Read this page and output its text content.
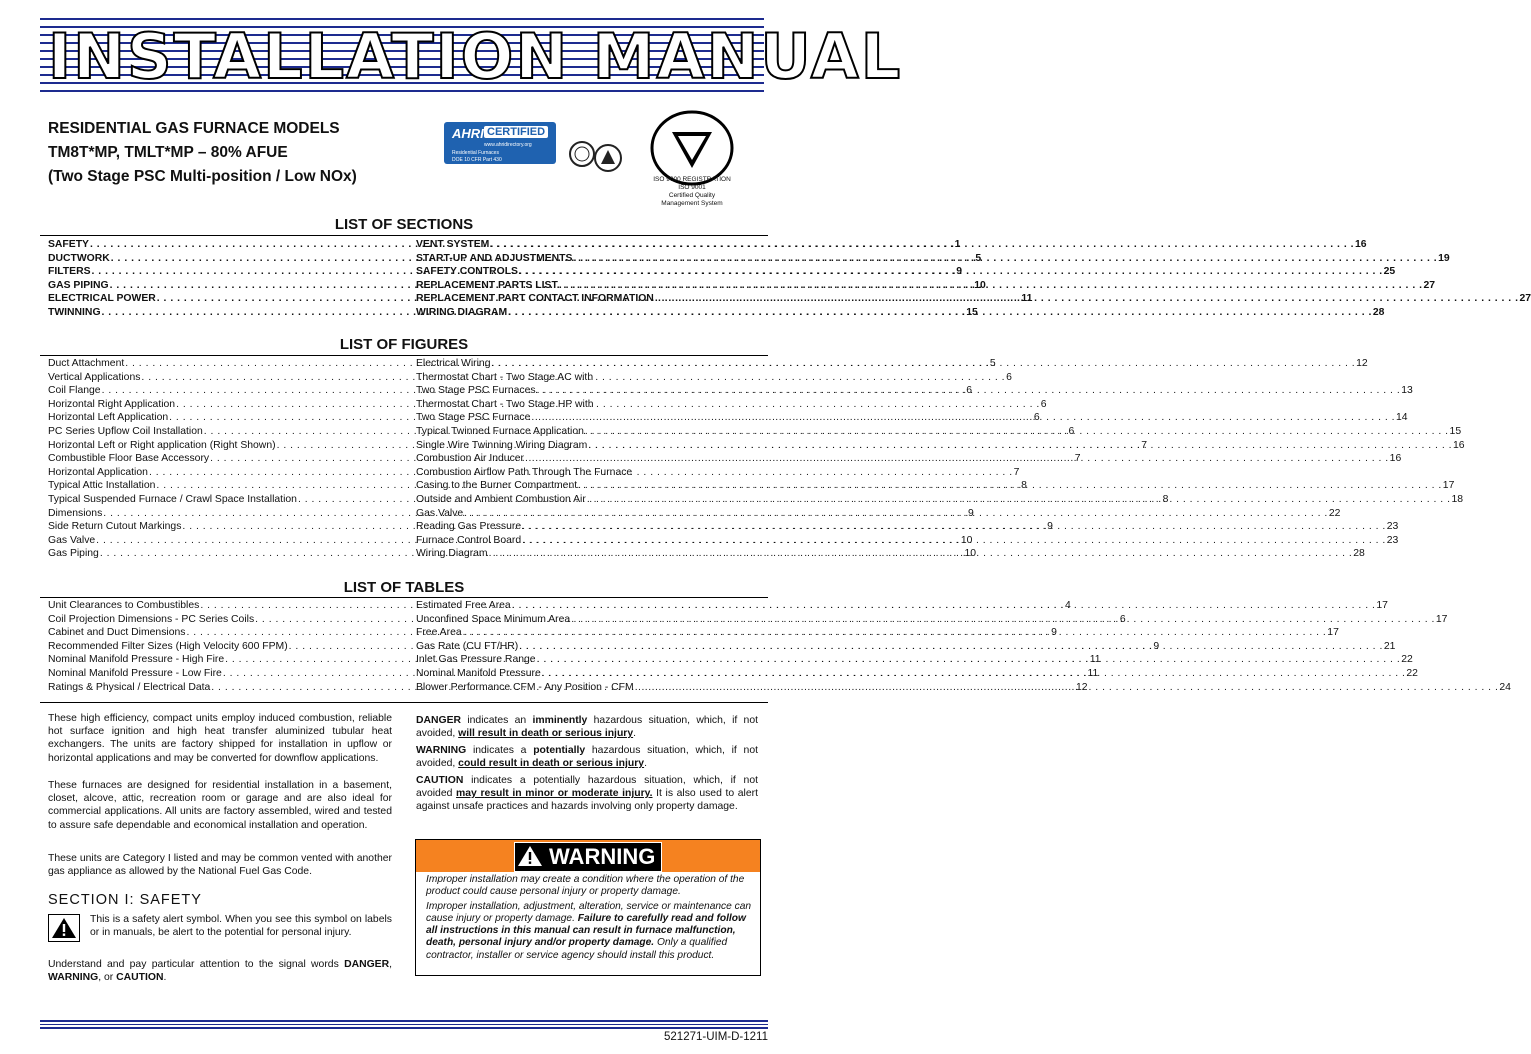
INSTALLATION MANUAL
RESIDENTIAL GAS FURNACE MODELS
TM8T*MP, TMLT*MP – 80% AFUE
(Two Stage PSC Multi-position / Low NOx)
AHRI CERTIFIED
www.ahridirectory.org
Residential Furnaces
DOE 10 CFR Part 430
ISO 9000 REGISTRATION
ISO 9001
Certified Quality
Management System
LIST OF SECTIONS
SAFETY . . .	1
DUCTWORK . . .	5
FILTERS . . .	9
GAS PIPING . . .	10
ELECTRICAL POWER . . .	11
TWINNING . . .	15
VENT SYSTEM . . .	16
START-UP AND ADJUSTMENTS . . .	19
SAFETY CONTROLS . . .	25
REPLACEMENT PARTS LIST . . .	27
REPLACEMENT PART CONTACT INFORMATION . . .	27
WIRING DIAGRAM . . .	28
LIST OF FIGURES
Duct Attachment . . .	5
Vertical Applications . . .	6
Coil Flange . . .	6
Horizontal Right Application . . .	6
Horizontal Left Application . . .	6
PC Series Upflow Coil Installation . . .	6
Horizontal Left or Right application (Right Shown) . . .	7
Combustible Floor Base Accessory . . .	7
Horizontal Application . . .	7
Typical Attic Installation . . .	8
Typical Suspended Furnace / Crawl Space Installation . . .	8
Dimensions . . .	9
Side Return Cutout Markings . . .	9
Gas Valve . . .	10
Gas Piping . . .	10
Electrical Wiring . . .	12
Thermostat Chart - Two Stage AC with
Two Stage PSC Furnaces . . .	13
Thermostat Chart - Two Stage HP with
Two Stage PSC Furnace . . .	14
Typical Twinned Furnace Application . . .	15
Single Wire Twinning Wiring Diagram . . .	16
Combustion Air Inducer . . .	16
Combustion Airflow Path Through The Furnace
Casing to the Burner Compartment . . .	17
Outside and Ambient Combustion Air . . .	18
Gas Valve . . .	22
Reading Gas Pressure . . .	23
Furnace Control Board . . .	23
Wiring Diagram . . .	28
LIST OF TABLES
Unit Clearances to Combustibles . . .	4
Coil Projection Dimensions - PC Series Coils . . .	6
Cabinet and Duct Dimensions . . .	9
Recommended Filter Sizes (High Velocity 600 FPM) . . .	9
Nominal Manifold Pressure - High Fire . . .	11
Nominal Manifold Pressure - Low Fire . . .	11
Ratings & Physical / Electrical Data . . .	12
Estimated Free Area . . .	17
Unconfined Space Minimum Area . . .	17
Free Area . . .	17
Gas Rate (CU FT/HR) . . .	21
Inlet Gas Pressure Range . . .	22
Nominal Manifold Pressure . . .	22
Blower Performance CFM - Any Position - CFM . . .	24
These high efficiency, compact units employ induced combustion, reliable hot surface ignition and high heat transfer aluminized tubular heat exchangers. The units are factory shipped for installation in upflow or horizontal applications and may be converted for downflow applications.
These furnaces are designed for residential installation in a basement, closet, alcove, attic, recreation room or garage and are also ideal for commercial applications. All units are factory assembled, wired and tested to assure safe dependable and economical installation and operation.
These units are Category I listed and may be common vented with another gas appliance as allowed by the National Fuel Gas Code.
SECTION I: SAFETY
This is a safety alert symbol. When you see this symbol on labels or in manuals, be alert to the potential for personal injury.
Understand and pay particular attention to the signal words DANGER, WARNING, or CAUTION.
DANGER indicates an imminently hazardous situation, which, if not avoided, will result in death or serious injury.
WARNING indicates a potentially hazardous situation, which, if not avoided, could result in death or serious injury.
CAUTION indicates a potentially hazardous situation, which, if not avoided may result in minor or moderate injury. It is also used to alert against unsafe practices and hazards involving only property damage.
WARNING
Improper installation may create a condition where the operation of the product could cause personal injury or property damage.
Improper installation, adjustment, alteration, service or maintenance can cause injury or property damage. Failure to carefully read and follow all instructions in this manual can result in furnace malfunction, death, personal injury and/or property damage. Only a qualified contractor, installer or service agency should install this product.
521271-UIM-D-1211
